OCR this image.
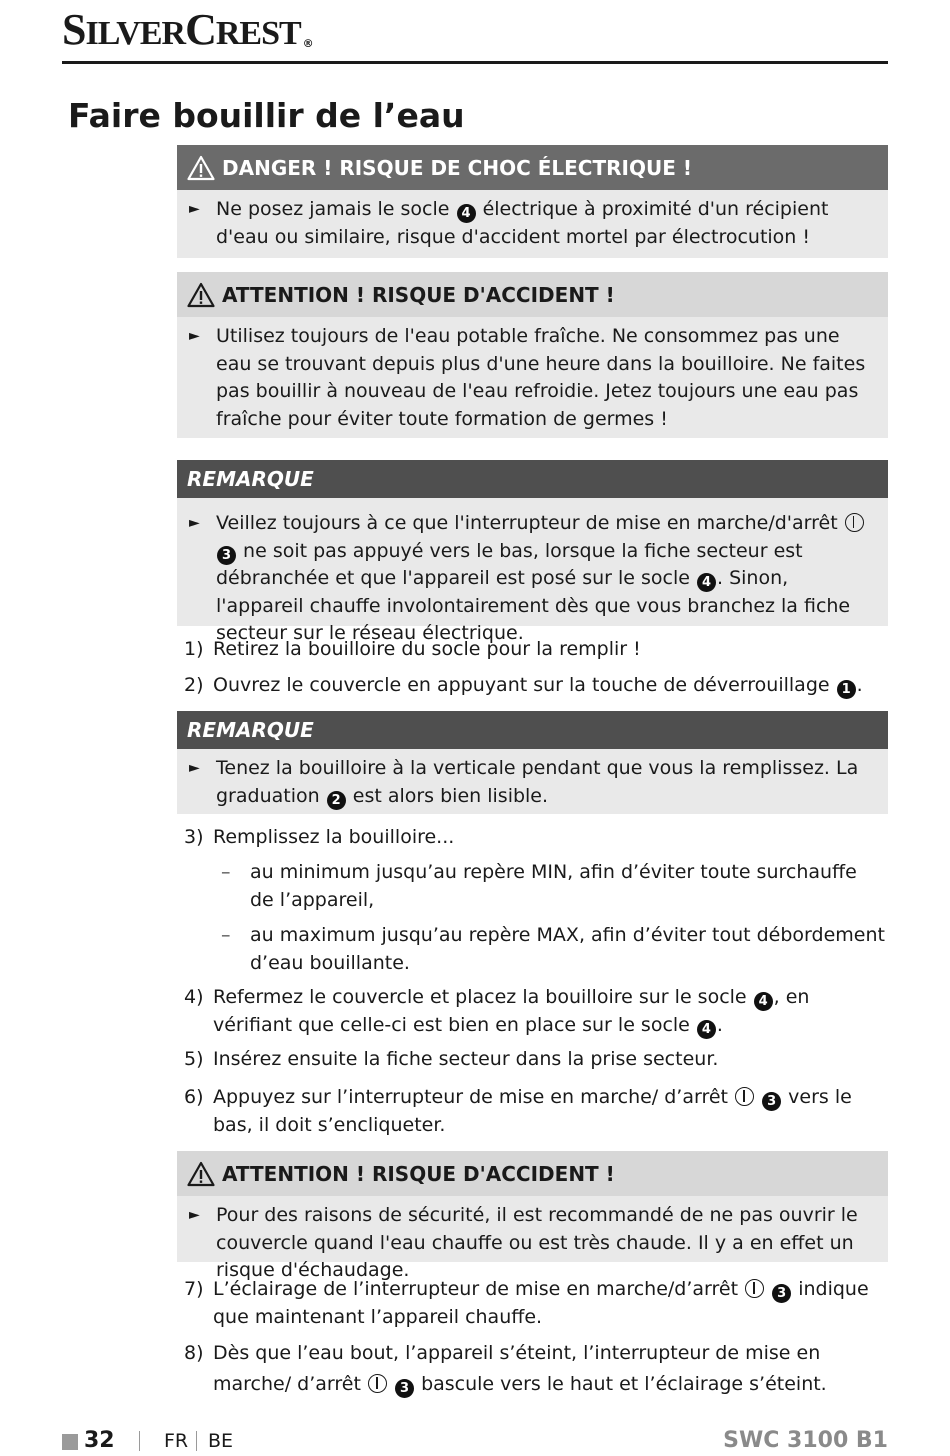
SILVERCREST ®
Faire bouillir de l’eau
DANGER ! RISQUE DE CHOC ÉLECTRIQUE !
► Ne posez jamais le socle 4 électrique à proximité d'un récipient d'eau ou similaire, risque d'accident mortel par électrocution !
ATTENTION ! RISQUE D'ACCIDENT !
► Utilisez toujours de l'eau potable fraîche. Ne consommez pas une eau se trouvant depuis plus d'une heure dans la bouilloire. Ne faites pas bouillir à nouveau de l'eau refroidie. Jetez toujours une eau pas fraîche pour éviter toute formation de germes !
REMARQUE
► Veillez toujours à ce que l'interrupteur de mise en marche/d'arrêt  3 ne soit pas appuyé vers le bas, lorsque la fiche secteur est débranchée et que l'appareil est posé sur le socle 4 . Sinon, l'appareil chauffe involontairement dès que vous branchez la fiche secteur sur le réseau électrique.
1) Retirez la bouilloire du socle pour la remplir !
2) Ouvrez le couvercle en appuyant sur la touche de déverrouillage 1 .
REMARQUE
► Tenez la bouilloire à la verticale pendant que vous la remplissez. La graduation 2 est alors bien lisible.
3) Remplissez la bouilloire...
– au minimum jusqu’au repère MIN, afin d’éviter toute surchauffe de l’appareil,
– au maximum jusqu’au repère MAX, afin d’éviter tout débordement d’eau bouillante.
4) Refermez le couvercle et placez la bouilloire sur le socle 4 , en vérifiant que celle-ci est bien en place sur le socle 4 .
5) Insérez ensuite la fiche secteur dans la prise secteur.
6) Appuyez sur l’interrupteur de mise en marche/ d’arrêt	3 vers le bas, il doit s’encliqueter.
ATTENTION ! RISQUE D'ACCIDENT !
► Pour des raisons de sécurité, il est recommandé de ne pas ouvrir le couvercle quand l'eau chauffe ou est très chaude. Il y a en effet un risque d'échaudage.
7) L’éclairage de l’interrupteur de mise en marche/d’arrêt	3 indique que maintenant l’appareil chauffe.
8) Dès que l’eau bout, l’appareil s’éteint, l’interrupteur de mise en marche/ d’arrêt	3 bascule vers le haut et l’éclairage s’éteint.
32	FR BE	SWC 3100 B1
